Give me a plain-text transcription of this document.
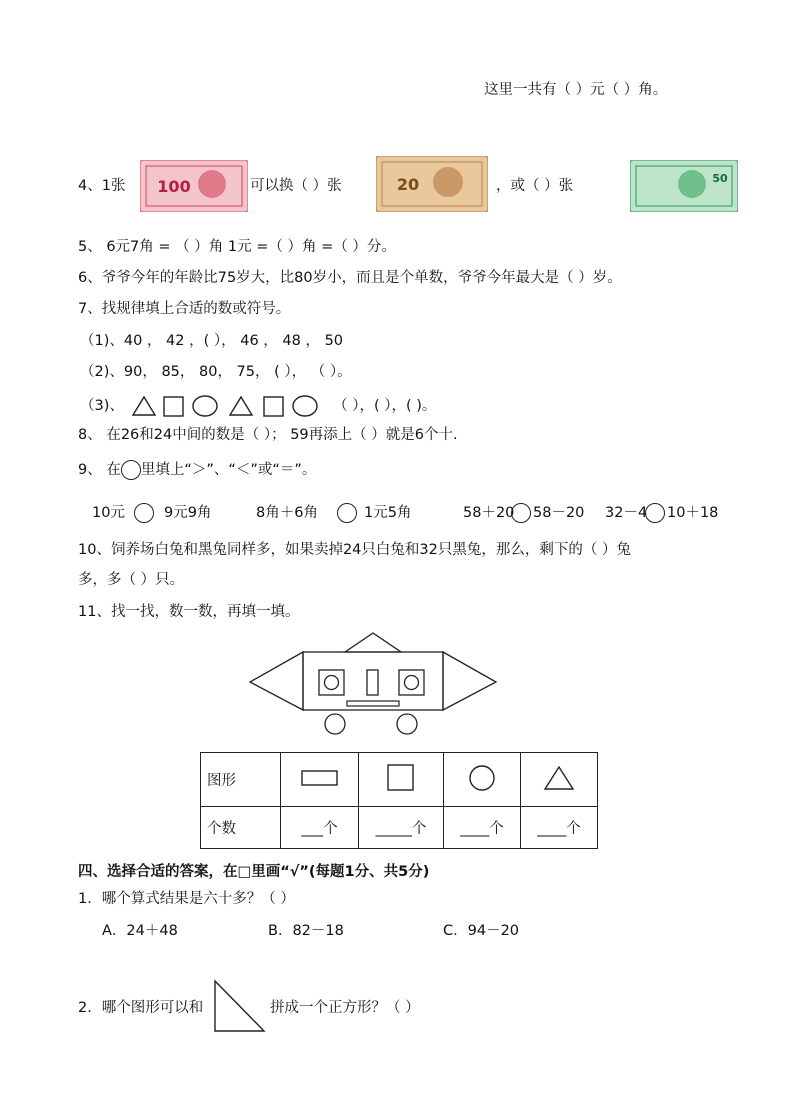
这里一共有（ ）元（ ）角。
4、1张 100	可以换（ ）张	20	，或（ ）张	50
5、 6元7角 = （ ）角 1元 =（ ）角 =（ ）分。
6、爷爷今年的年龄比75岁大，比80岁小，而且是个单数，爷爷今年最大是（ ）岁。
7、找规律填上合适的数或符号。
（1)、40 ， 42 ，( ）， 46 ， 48 ， 50
（2)、90， 85， 80， 75， ( ）， （ ）。
（3)、	（ ），( ），( )。
8、 在26和24中间的数是（ ）； 59再添上（ ）就是6个十.
9、 在 里填上“＞”、“＜”或“＝”。
10元	9元9角	8角＋6角	1元5角	58＋20 58－20 32－4 10＋18
10、饲养场白兔和黑兔同样多，如果卖掉24只白兔和32只黑兔，那么，剩下的（ ）兔
多，多（ ）只。
11、找一找，数一数，再填一填。
图形				
个数	___个	_____个	____个	____个
四、选择合适的答案，在□里画“√”(每题1分、共5分)
1．哪个算式结果是六十多？（ ）
A．24＋48	B．82－18	C．94－20
2．哪个图形可以和	拼成一个正方形？（ ）
